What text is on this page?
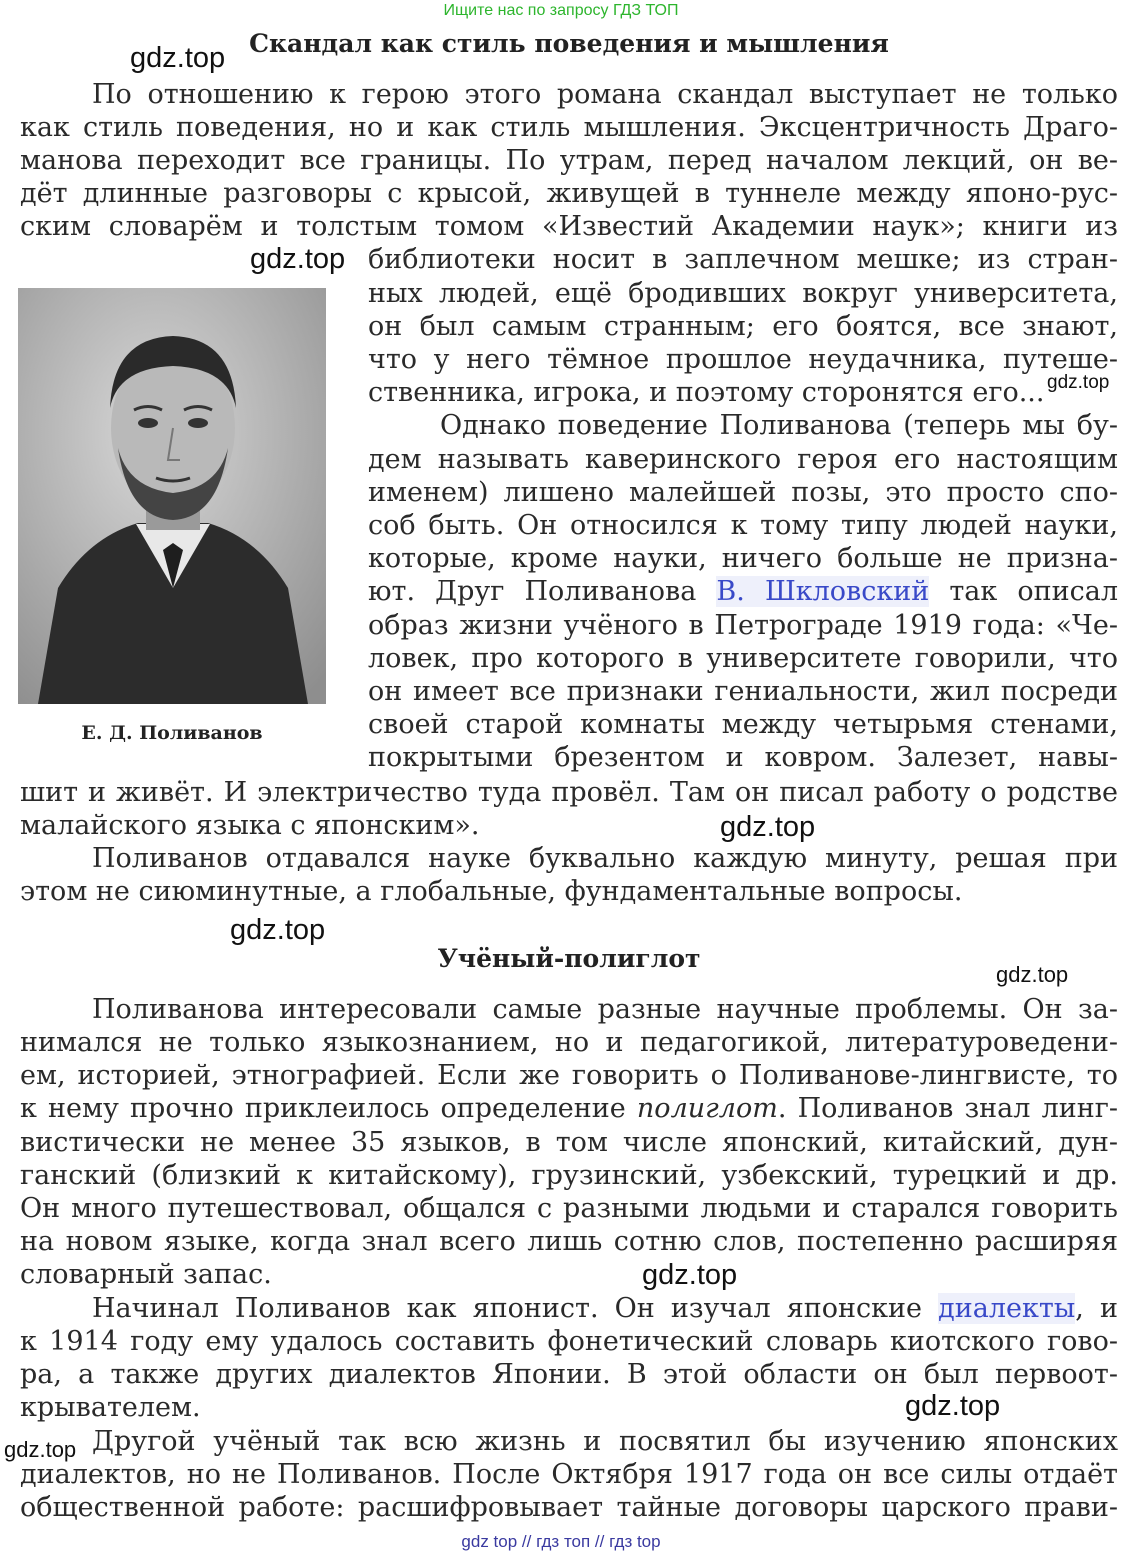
Ищите нас по запросу ГДЗ ТОП
Скандал как стиль поведения и мышления
По отношению к герою этого романа скандал выступает не только
как стиль поведения, но и как стиль мышления. Эксцентричность Драго-
манова переходит все границы. По утрам, перед началом лекций, он ве-
дёт длинные разговоры с крысой, живущей в туннеле между японо-рус-
ским словарём и толстым томом «Известий Академии наук»; книги из
библиотеки носит в заплечном мешке; из стран-
ных людей, ещё бродивших вокруг университета,
он был самым странным; его боятся, все знают,
что у него тёмное прошлое неудачника, путеше-
ственника, игрока, и поэтому сторонятся его...
Однако поведение Поливанова (теперь мы бу-
дем называть каверинского героя его настоящим
именем) лишено малейшей позы, это просто спо-
соб быть. Он относился к тому типу людей науки,
которые, кроме науки, ничего больше не призна-
ют. Друг Поливанова В. Шкловский так описал
образ жизни учёного в Петрограде 1919 года: «Че-
ловек, про которого в университете говорили, что
он имеет все признаки гениальности, жил посреди
своей старой комнаты между четырьмя стенами,
покрытыми брезентом и ковром. Залезет, навы-
шит и живёт. И электричество туда провёл. Там он писал работу о родстве
малайского языка с японским».
Поливанов отдавался науке буквально каждую минуту, решая при
этом не сиюминутные, а глобальные, фундаментальные вопросы.
Е. Д. Поливанов
Учёный-полиглот
Поливанова интересовали самые разные научные проблемы. Он за-
нимался не только языкознанием, но и педагогикой, литературоведени-
ем, историей, этнографией. Если же говорить о Поливанове-лингвисте, то
к нему прочно приклеилось определение полиглот. Поливанов знал линг-
вистически не менее 35 языков, в том числе японский, китайский, дун-
ганский (близкий к китайскому), грузинский, узбекский, турецкий и др.
Он много путешествовал, общался с разными людьми и старался говорить
на новом языке, когда знал всего лишь сотню слов, постепенно расширяя
словарный запас.
Начинал Поливанов как японист. Он изучал японские диалекты, и
к 1914 году ему удалось составить фонетический словарь киотского гово-
ра, а также других диалектов Японии. В этой области он был первоот-
крывателем.
Другой учёный так всю жизнь и посвятил бы изучению японских
диалектов, но не Поливанов. После Октября 1917 года он все силы отдаёт
общественной работе: расшифровывает тайные договоры царского прави-
gdz.top
gdz.top
gdz.top
gdz.top
gdz.top
gdz.top
gdz.top
gdz.top
gdz.top
gdz top // гдз топ // гдз top
